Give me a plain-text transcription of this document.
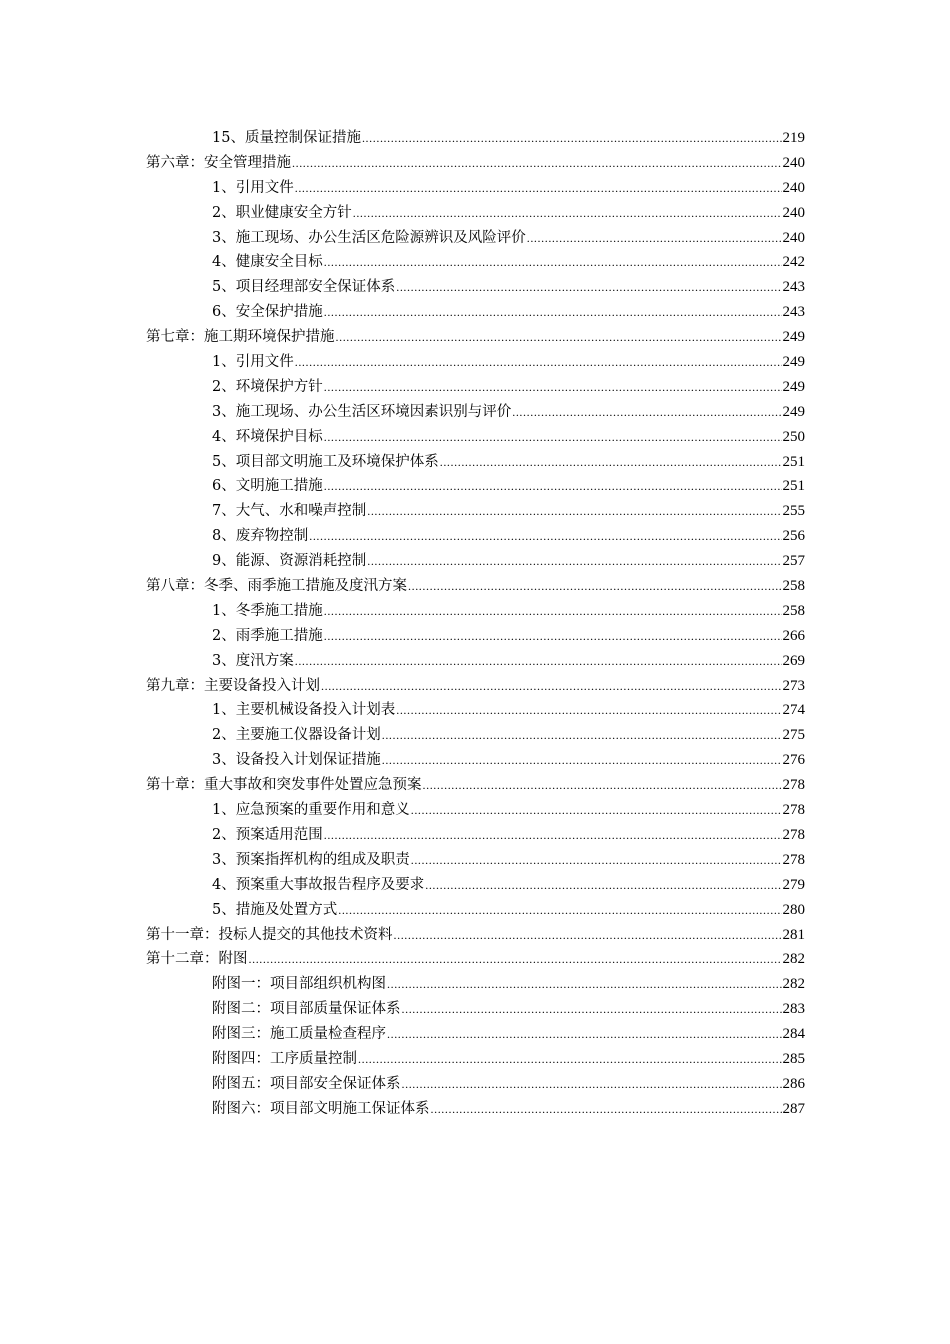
15、质量控制保证措施 .....	219
第六章：安全管理措施 .....	240
1、引用文件 .....	240
2、职业健康安全方针 .....	240
3、施工现场、办公生活区危险源辨识及风险评价 .....	240
4、健康安全目标 .....	242
5、项目经理部安全保证体系 .....	243
6、安全保护措施 .....	243
第七章：施工期环境保护措施 .....	249
1、引用文件 .....	249
2、环境保护方针 .....	249
3、施工现场、办公生活区环境因素识别与评价 .....	249
4、环境保护目标 .....	250
5、项目部文明施工及环境保护体系 .....	251
6、文明施工措施 .....	251
7、大气、水和噪声控制 .....	255
8、废弃物控制 .....	256
9、能源、资源消耗控制 .....	257
第八章：冬季、雨季施工措施及度汛方案 .....	258
1、冬季施工措施 .....	258
2、雨季施工措施 .....	266
3、度汛方案 .....	269
第九章：主要设备投入计划 .....	273
1、主要机械设备投入计划表 .....	274
2、主要施工仪器设备计划 .....	275
3、设备投入计划保证措施 .....	276
第十章：重大事故和突发事件处置应急预案 .....	278
1、应急预案的重要作用和意义 .....	278
2、预案适用范围 .....	278
3、预案指挥机构的组成及职责 .....	278
4、预案重大事故报告程序及要求 .....	279
5、措施及处置方式 .....	280
第十一章：投标人提交的其他技术资料 .....	281
第十二章：附图 .....	282
附图一：项目部组织机构图 .....	282
附图二：项目部质量保证体系 .....	283
附图三：施工质量检查程序 .....	284
附图四：工序质量控制 .....	285
附图五：项目部安全保证体系 .....	286
附图六：项目部文明施工保证体系 .....	287
